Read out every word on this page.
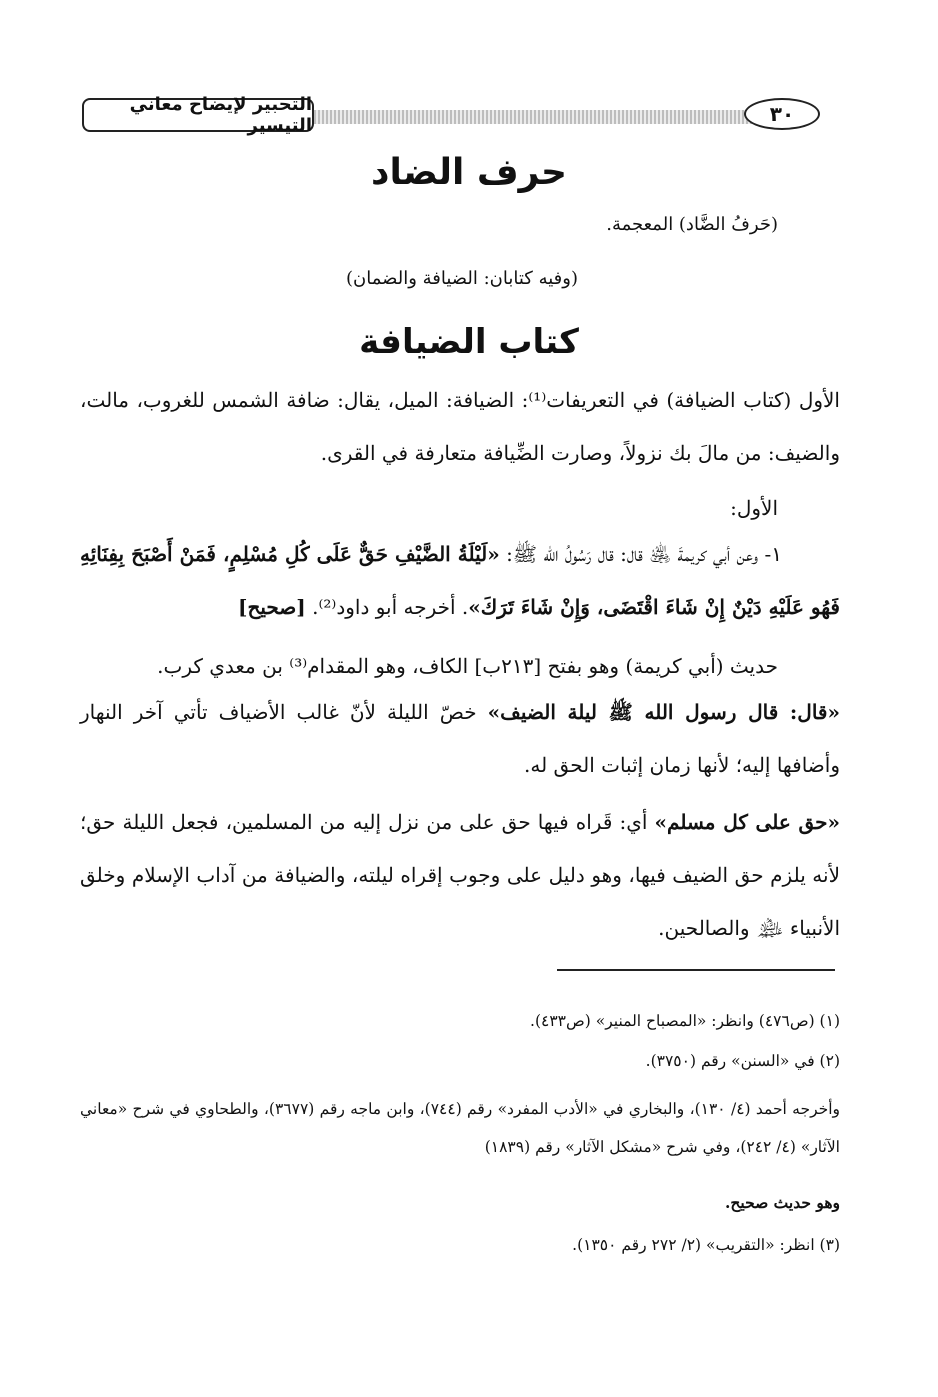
التحبير لإيضاح معاني التيسير	٣٠
حرف الضاد
(حَرفُ الضَّاد) المعجمة.
(وفيه كتابان: الضيافة والضمان)
كتاب الضيافة

الأول (كتاب الضيافة) في التعريفات⁽¹⁾: الضيافة: الميل، يقال: ضافة الشمس للغروب، مالت، والضيف: من مالَ بك نزولاً، وصارت الضِّيافة متعارفة في القرى.

الأول:

١- وعن أبي كريمةَ ﵁ قال: قال رَسُولُ الله ﷺ: «لَيْلَةُ الضَّيْفِ حَقٌّ عَلَى كُلِ مُسْلِمٍ، فَمَنْ أَصْبَحَ بِفِنَائِهِ فَهُو عَلَيْهِ دَيْنٌ إِنْ شَاءَ اقْتَضَى، وَإِنْ شَاءَ تَرَكَ». أخرجه أبو داود⁽²⁾. [صحيح]

حديث (أبي كريمة) وهو بفتح [٢١٣ب] الكاف، وهو المقدام⁽³⁾ بن معدي كرب.

«قال: قال رسول الله ﷺ ليلة الضيف» خصّ الليلة لأنّ غالب الأضياف تأتي آخر النهار وأضافها إليه؛ لأنها زمان إثبات الحق له.

«حق على كل مسلم» أي: قَراه فيها حق على من نزل إليه من المسلمين، فجعل الليلة حق؛ لأنه يلزم حق الضيف فيها، وهو دليل على وجوب إقراه ليلته، والضيافة من آداب الإسلام وخلق الأنبياء ﵈ والصالحين.

(١) (ص٤٧٦) وانظر: «المصباح المنير» (ص٤٣٣).

(٢) في «السنن» رقم (٣٧٥٠).

وأخرجه أحمد (٤/ ١٣٠)، والبخاري في «الأدب المفرد» رقم (٧٤٤)، وابن ماجه رقم (٣٦٧٧)، والطحاوي في شرح «معاني الآثار» (٤/ ٢٤٢)، وفي شرح «مشكل الآثار» رقم (١٨٣٩)

وهو حديث صحيح.

(٣) انظر: «التقريب» (٢/ ٢٧٢ رقم ١٣٥٠).
